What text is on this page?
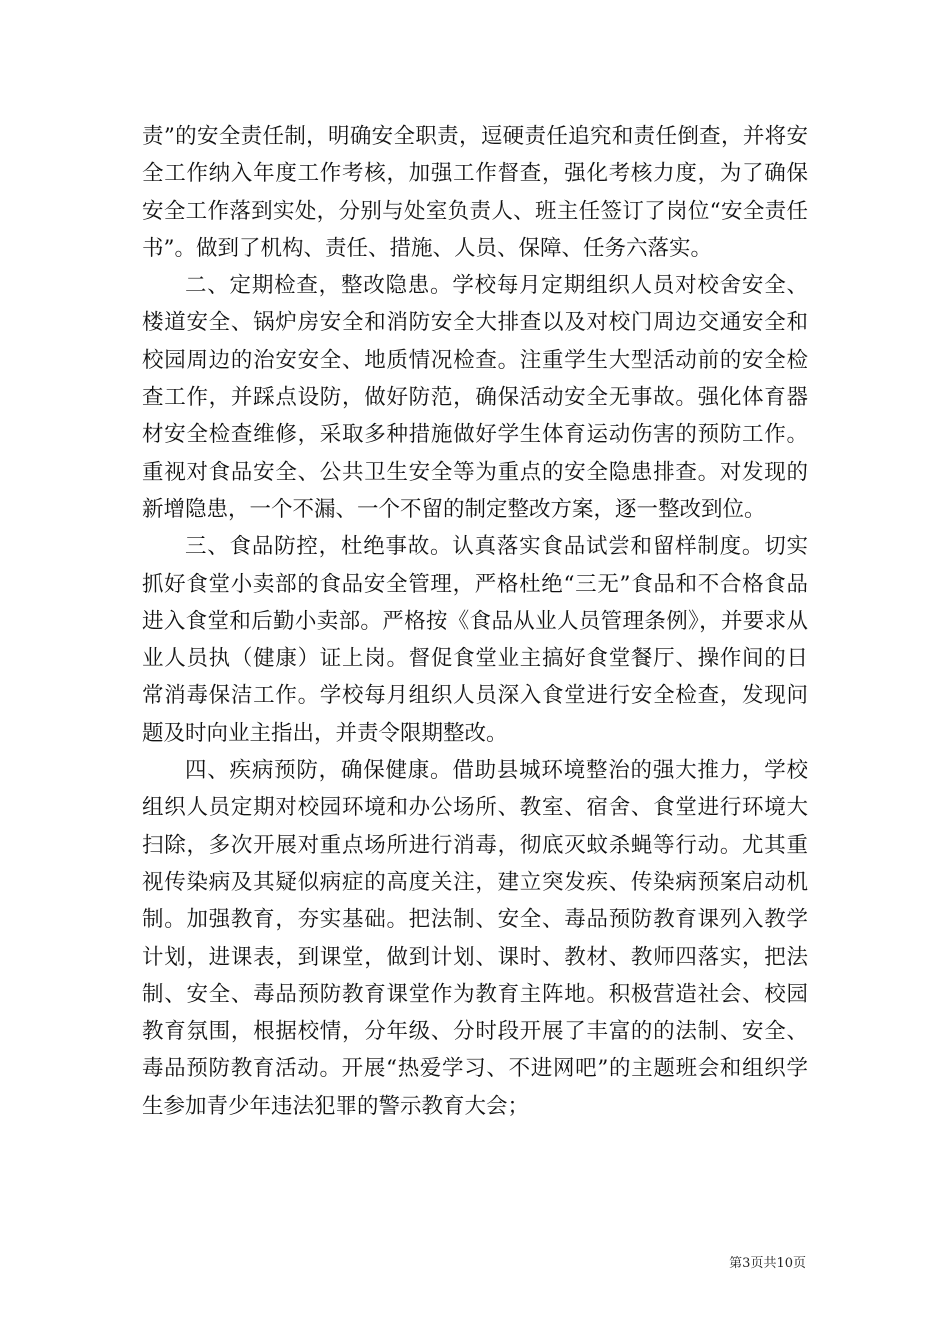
责”的安全责任制，明确安全职责，逗硬责任追究和责任倒查，并将安全工作纳入年度工作考核，加强工作督查，强化考核力度，为了确保安全工作落到实处，分别与处室负责人、班主任签订了岗位“安全责任书”。做到了机构、责任、措施、人员、保障、任务六落实。

二、定期检查，整改隐患。学校每月定期组织人员对校舍安全、楼道安全、锅炉房安全和消防安全大排查以及对校门周边交通安全和校园周边的治安安全、地质情况检查。注重学生大型活动前的安全检查工作，并踩点设防，做好防范，确保活动安全无事故。强化体育器材安全检查维修，采取多种措施做好学生体育运动伤害的预防工作。重视对食品安全、公共卫生安全等为重点的安全隐患排查。对发现的新增隐患，一个不漏、一个不留的制定整改方案，逐一整改到位。

三、食品防控，杜绝事故。认真落实食品试尝和留样制度。切实抓好食堂小卖部的食品安全管理，严格杜绝“三无”食品和不合格食品进入食堂和后勤小卖部。严格按《食品从业人员管理条例》，并要求从业人员执（健康）证上岗。督促食堂业主搞好食堂餐厅、操作间的日常消毒保洁工作。学校每月组织人员深入食堂进行安全检查，发现问题及时向业主指出，并责令限期整改。

四、疾病预防，确保健康。借助县城环境整治的强大推力，学校组织人员定期对校园环境和办公场所、教室、宿舍、食堂进行环境大扫除，多次开展对重点场所进行消毒，彻底灭蚊杀蝇等行动。尤其重视传染病及其疑似病症的高度关注，建立突发疾、传染病预案启动机制。加强教育，夯实基础。把法制、安全、毒品预防教育课列入教学计划，进课表，到课堂，做到计划、课时、教材、教师四落实，把法制、安全、毒品预防教育课堂作为教育主阵地。积极营造社会、校园教育氛围，根据校情，分年级、分时段开展了丰富的的法制、安全、毒品预防教育活动。开展“热爱学习、不进网吧”的主题班会和组织学生参加青少年违法犯罪的警示教育大会；

第3页共10页
